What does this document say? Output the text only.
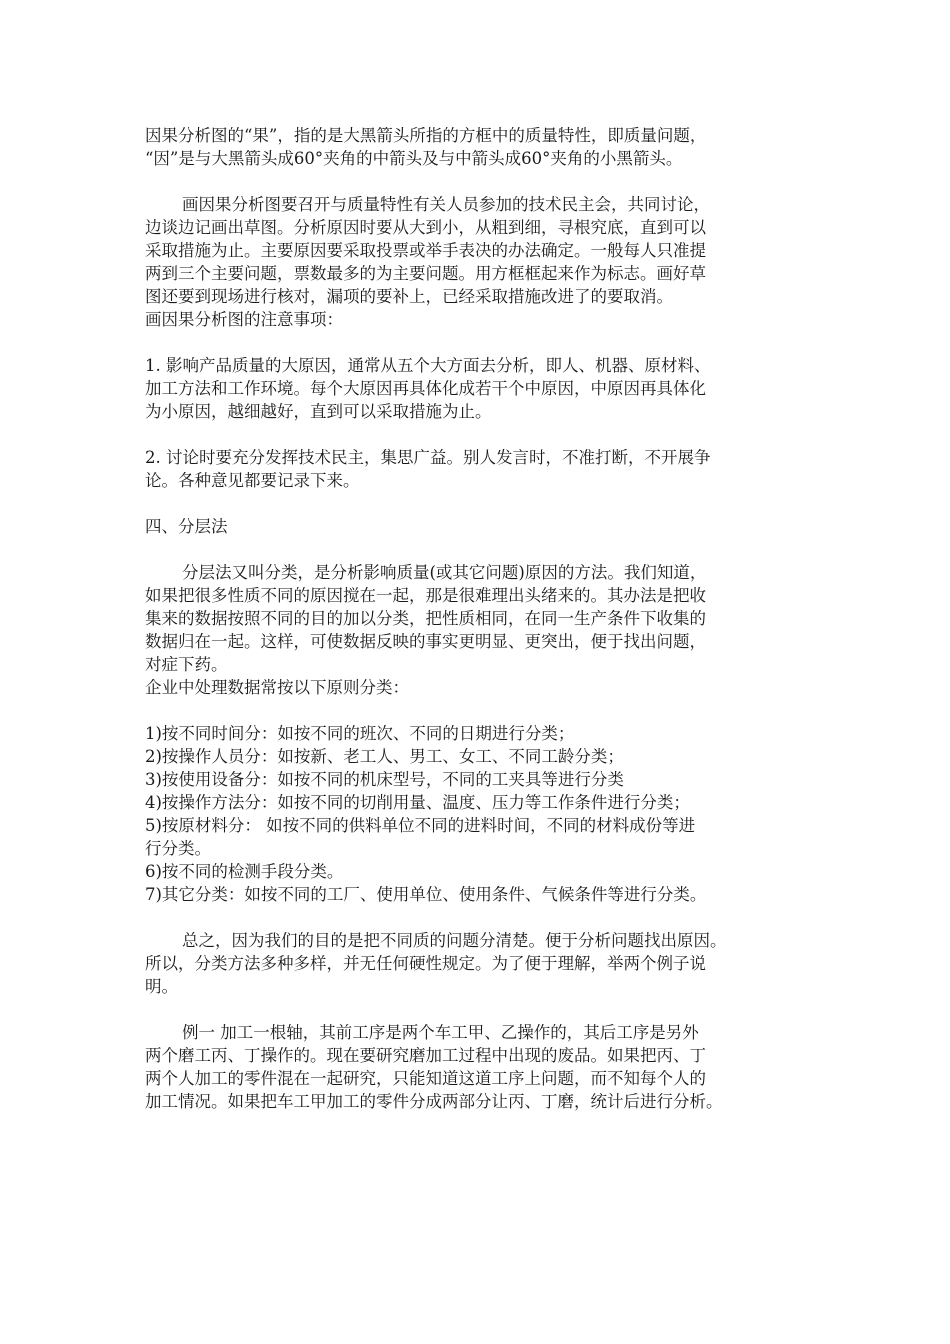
因果分析图的“果”，指的是大黑箭头所指的方框中的质量特性，即质量问题，
“因”是与大黑箭头成60°夹角的中箭头及与中箭头成60°夹角的小黑箭头。
画因果分析图要召开与质量特性有关人员参加的技术民主会，共同讨论，
边谈边记画出草图。分析原因时要从大到小，从粗到细，寻根究底，直到可以
采取措施为止。主要原因要采取投票或举手表决的办法确定。一般每人只准提
两到三个主要问题，票数最多的为主要问题。用方框框起来作为标志。画好草
图还要到现场进行核对，漏项的要补上，已经采取措施改进了的要取消。
画因果分析图的注意事项：
1. 影响产品质量的大原因，通常从五个大方面去分析，即人、机器、原材料、
加工方法和工作环境。每个大原因再具体化成若干个中原因，中原因再具体化
为小原因，越细越好，直到可以采取措施为止。
2. 讨论时要充分发挥技术民主，集思广益。别人发言时，不准打断，不开展争
论。各种意见都要记录下来。
四、分层法
分层法又叫分类，是分析影响质量(或其它问题)原因的方法。我们知道，
如果把很多性质不同的原因搅在一起，那是很难理出头绪来的。其办法是把收
集来的数据按照不同的目的加以分类，把性质相同，在同一生产条件下收集的
数据归在一起。这样，可使数据反映的事实更明显、更突出，便于找出问题，
对症下药。
企业中处理数据常按以下原则分类：
1)按不同时间分：如按不同的班次、不同的日期进行分类；
2)按操作人员分：如按新、老工人、男工、女工、不同工龄分类；
3)按使用设备分：如按不同的机床型号，不同的工夹具等进行分类
4)按操作方法分：如按不同的切削用量、温度、压力等工作条件进行分类；
5)按原材料分： 如按不同的供料单位不同的进料时间，不同的材料成份等进
行分类。
6)按不同的检测手段分类。
7)其它分类：如按不同的工厂、使用单位、使用条件、气候条件等进行分类。
总之，因为我们的目的是把不同质的问题分清楚。便于分析问题找出原因。
所以，分类方法多种多样，并无任何硬性规定。为了便于理解，举两个例子说
明。
例一 加工一根轴，其前工序是两个车工甲、乙操作的，其后工序是另外
两个磨工丙、丁操作的。现在要研究磨加工过程中出现的废品。如果把丙、丁
两个人加工的零件混在一起研究，只能知道这道工序上问题，而不知每个人的
加工情况。如果把车工甲加工的零件分成两部分让丙、丁磨，统计后进行分析。
